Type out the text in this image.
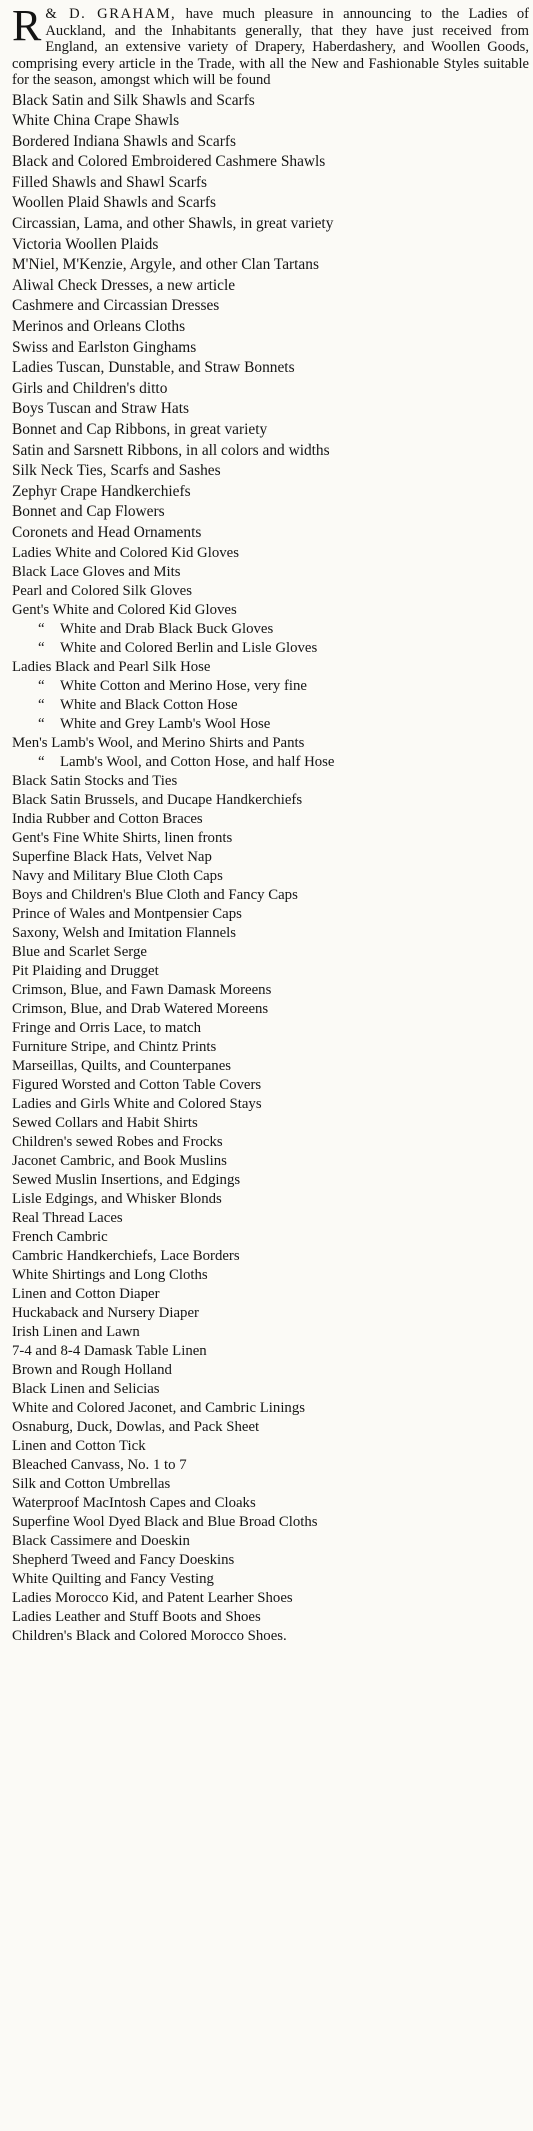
R & D. GRAHAM, have much pleasure in announcing to the Ladies of Auckland, and the Inhabitants generally, that they have just received from England, an extensive variety of Drapery, Haberdashery, and Woollen Goods, comprising every article in the Trade, with all the New and Fashionable Styles suitable for the season, amongst which will be found

Black Satin and Silk Shawls and Scarfs
White China Crape Shawls
Bordered Indiana Shawls and Scarfs
Black and Colored Embroidered Cashmere Shawls
Filled Shawls and Shawl Scarfs
Woollen Plaid Shawls and Scarfs
Circassian, Lama, and other Shawls, in great variety
Victoria Woollen Plaids
M'Niel, M'Kenzie, Argyle, and other Clan Tartans
Aliwal Check Dresses, a new article
Cashmere and Circassian Dresses
Merinos and Orleans Cloths
Swiss and Earlston Ginghams
Ladies Tuscan, Dunstable, and Straw Bonnets
Girls and Children's ditto
Boys Tuscan and Straw Hats
Bonnet and Cap Ribbons, in great variety
Satin and Sarsnett Ribbons, in all colors and widths
Silk Neck Ties, Scarfs and Sashes
Zephyr Crape Handkerchiefs
Bonnet and Cap Flowers
Coronets and Head Ornaments
Ladies White and Colored Kid Gloves
Black Lace Gloves and Mits
Pearl and Colored Silk Gloves
Gent's White and Colored Kid Gloves
“ White and Drab Black Buck Gloves
“ White and Colored Berlin and Lisle Gloves
Ladies Black and Pearl Silk Hose
“ White Cotton and Merino Hose, very fine
“ White and Black Cotton Hose
“ White and Grey Lamb's Wool Hose
Men's Lamb's Wool, and Merino Shirts and Pants
“ Lamb's Wool, and Cotton Hose, and half Hose
Black Satin Stocks and Ties
Black Satin Brussels, and Ducape Handkerchiefs
India Rubber and Cotton Braces
Gent's Fine White Shirts, linen fronts
Superfine Black Hats, Velvet Nap
Navy and Military Blue Cloth Caps
Boys and Children's Blue Cloth and Fancy Caps
Prince of Wales and Montpensier Caps
Saxony, Welsh and Imitation Flannels
Blue and Scarlet Serge
Pit Plaiding and Drugget
Crimson, Blue, and Fawn Damask Moreens
Crimson, Blue, and Drab Watered Moreens
Fringe and Orris Lace, to match
Furniture Stripe, and Chintz Prints
Marseillas, Quilts, and Counterpanes
Figured Worsted and Cotton Table Covers
Ladies and Girls White and Colored Stays
Sewed Collars and Habit Shirts
Children's sewed Robes and Frocks
Jaconet Cambric, and Book Muslins
Sewed Muslin Insertions, and Edgings
Lisle Edgings, and Whisker Blonds
Real Thread Laces
French Cambric
Cambric Handkerchiefs, Lace Borders
White Shirtings and Long Cloths
Linen and Cotton Diaper
Huckaback and Nursery Diaper
Irish Linen and Lawn
7-4 and 8-4 Damask Table Linen
Brown and Rough Holland
Black Linen and Selicias
White and Colored Jaconet, and Cambric Linings
Osnaburg, Duck, Dowlas, and Pack Sheet
Linen and Cotton Tick
Bleached Canvass, No. 1 to 7
Silk and Cotton Umbrellas
Waterproof MacIntosh Capes and Cloaks
Superfine Wool Dyed Black and Blue Broad Cloths
Black Cassimere and Doeskin
Shepherd Tweed and Fancy Doeskins
White Quilting and Fancy Vesting
Ladies Morocco Kid, and Patent Learher Shoes
Ladies Leather and Stuff Boots and Shoes
Children's Black and Colored Morocco Shoes.
